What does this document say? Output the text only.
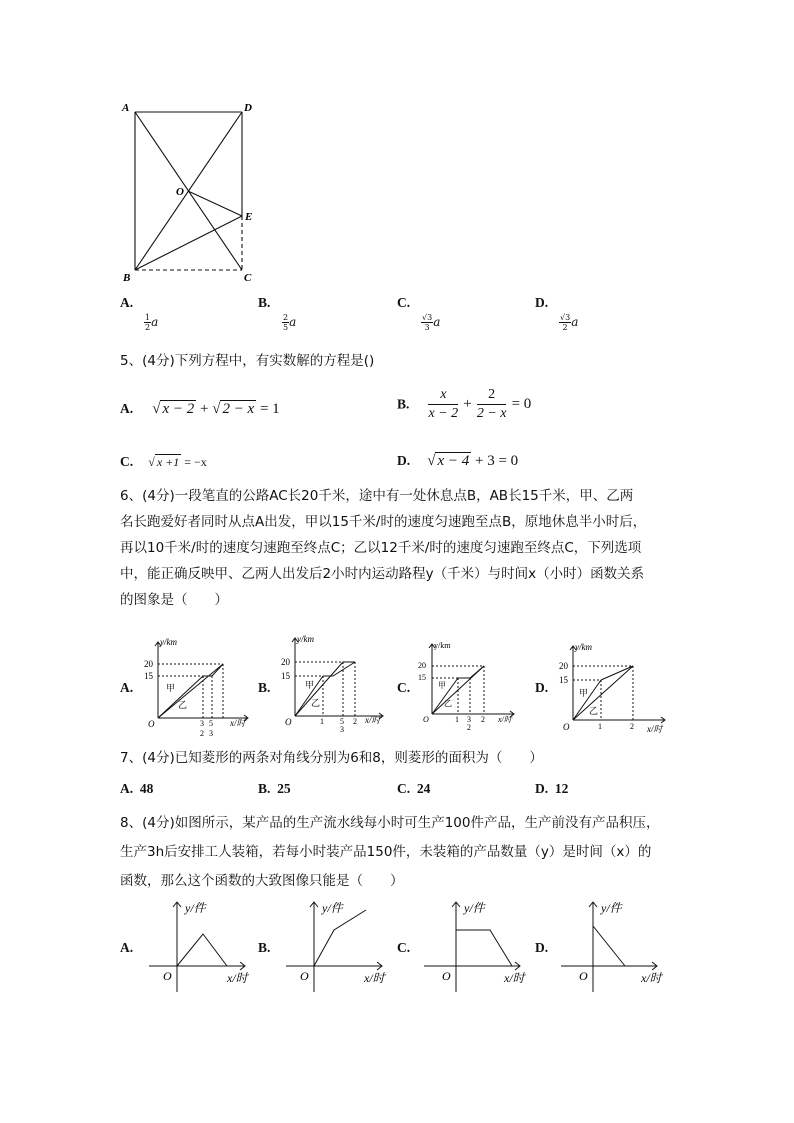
A	D
O
E
B	C
A.

$\frac{1}{2}$ a
B.

$\frac{2}{5}$ a
C.

$\frac{√3}{3}$ a
D.

$\frac{√3}{2}$ a
5、(4分)下列方程中，有实数解的方程是()
A. √ x − 2 + √ 2 − x = 1	B. $\frac{x}{x - 2} + \frac{2}{2 - x} = 0$
C. √ x +1 = −x	D. √ x − 4 + 3 = 0
6、(4分)一段笔直的公路AC长20千米，途中有一处休息点B，AB长15千米，甲、乙两
名长跑爱好者同时从点A出发，甲以15千米/时的速度匀速跑至点B，原地休息半小时后，
再以10千米/时的速度匀速跑至终点C；乙以12千米/时的速度匀速跑至终点C，下列选项
中，能正确反映甲、乙两人出发后2小时内运动路程y（千米）与时间x（小时）函数关系
的图象是（　　）
A.
y/km
20
15
甲
乙
O	3
2
5
3
x/时
B.
y/km
20
15
甲
乙
O	1 5
3
2 x/时
C.
y/km
20
15
甲
乙
O	1 3
2
2 x/时
D.
y/km
20
15
甲
乙
O	1	2 x/时
7、(4分)已知菱形的两条对角线分别为6和8，则菱形的面积为（　　）
A. 48	B. 25	C. 24	D. 12
8、(4分)如图所示，某产品的生产流水线每小时可生产100件产品，生产前没有产品积压，
生产3h后安排工人装箱，若每小时装产品150件，未装箱的产品数量（y）是时间（x）的
函数，那么这个函数的大致图像只能是（　　）
A.
y/件
O	x/时
B.
y/件
O	x/时
C.
y/件
O	x/时
D.
y/件
O	x/时
